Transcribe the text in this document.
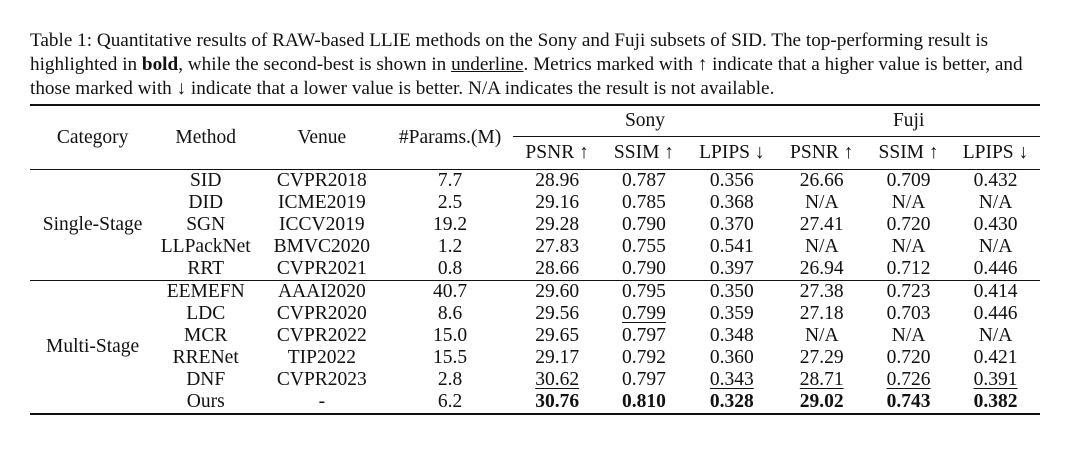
Table 1: Quantitative results of RAW-based LLIE methods on the Sony and Fuji subsets of SID. The top-performing result is highlighted in bold, while the second-best is shown in underline. Metrics marked with ↑ indicate that a higher value is better, and those marked with ↓ indicate that a lower value is better. N/A indicates the result is not available.

Category	Method	Venue	#Params.(M)	Sony			Fuji		
				PSNR ↑	SSIM ↑	LPIPS ↓	PSNR ↑	SSIM ↑	LPIPS ↓
Single-Stage	SID	CVPR2018	7.7	28.96	0.787	0.356	26.66	0.709	0.432
	DID	ICME2019	2.5	29.16	0.785	0.368	N/A	N/A	N/A
	SGN	ICCV2019	19.2	29.28	0.790	0.370	27.41	0.720	0.430
	LLPackNet	BMVC2020	1.2	27.83	0.755	0.541	N/A	N/A	N/A
	RRT	CVPR2021	0.8	28.66	0.790	0.397	26.94	0.712	0.446
Multi-Stage	EEMEFN	AAAI2020	40.7	29.60	0.795	0.350	27.38	0.723	0.414
	LDC	CVPR2020	8.6	29.56	0.799	0.359	27.18	0.703	0.446
	MCR	CVPR2022	15.0	29.65	0.797	0.348	N/A	N/A	N/A
	RRENet	TIP2022	15.5	29.17	0.792	0.360	27.29	0.720	0.421
	DNF	CVPR2023	2.8	30.62	0.797	0.343	28.71	0.726	0.391
	Ours	-	6.2	30.76	0.810	0.328	29.02	0.743	0.382
